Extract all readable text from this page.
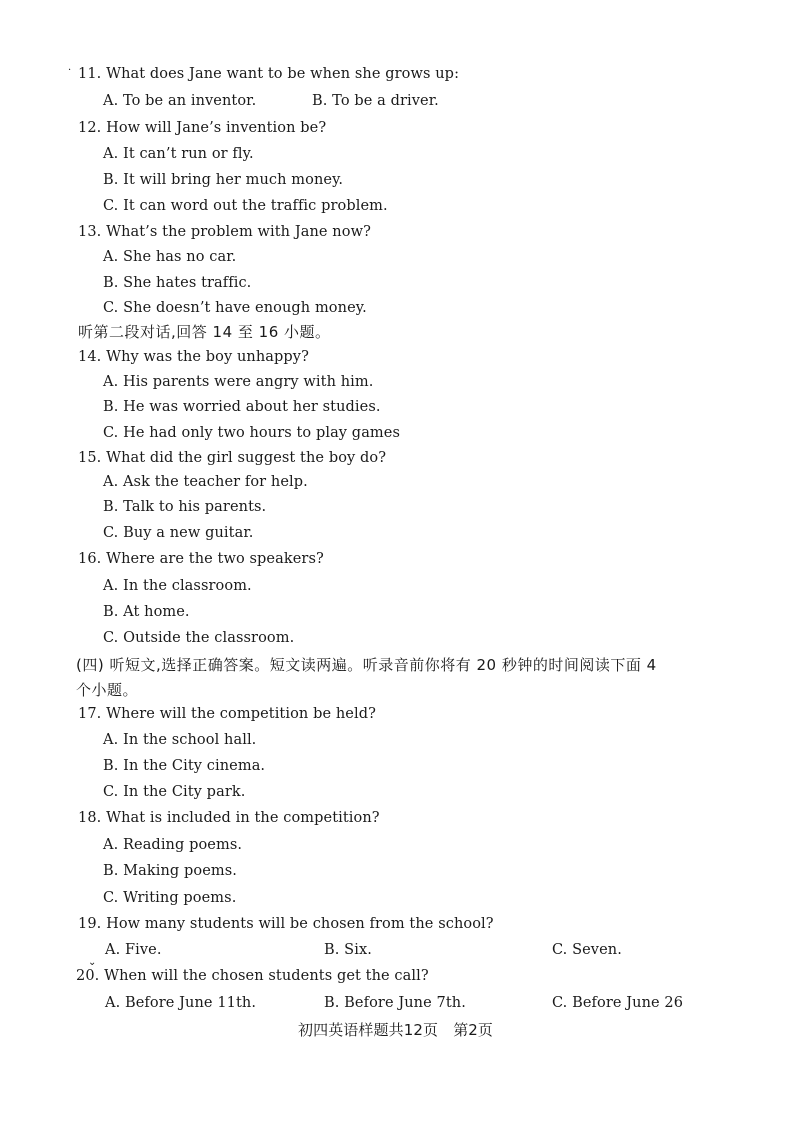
·
⌄
11. What does Jane want to be when she grows up:
A. To be an inventor.	B. To be a driver.
12. How will Jane’s invention be?
A. It can’t run or fly.
B. It will bring her much money.
C. It can word out the traffic problem.
13. What’s the problem with Jane now?
A. She has no car.
B. She hates traffic.
C. She doesn’t have enough money.
听第二段对话,回答 14 至 16 小题。
14. Why was the boy unhappy?
A. His parents were angry with him.
B. He was worried about her studies.
C. He had only two hours to play games
15. What did the girl suggest the boy do?
A. Ask the teacher for help.
B. Talk to his parents.
C. Buy a new guitar.
16. Where are the two speakers?
A. In the classroom.
B. At home.
C. Outside the classroom.
(四) 听短文,选择正确答案。短文读两遍。听录音前你将有 20 秒钟的时间阅读下面 4
个小题。
17. Where will the competition be held?
A. In the school hall.
B. In the City cinema.
C. In the City park.
18. What is included in the competition?
A. Reading poems.
B. Making poems.
C. Writing poems.
19. How many students will be chosen from the school?
A. Five.	B. Six.	C. Seven.
20. When will the chosen students get the call?
A. Before June 11th.	B. Before June 7th.	C. Before June 26
初四英语样题共12页　第2页
